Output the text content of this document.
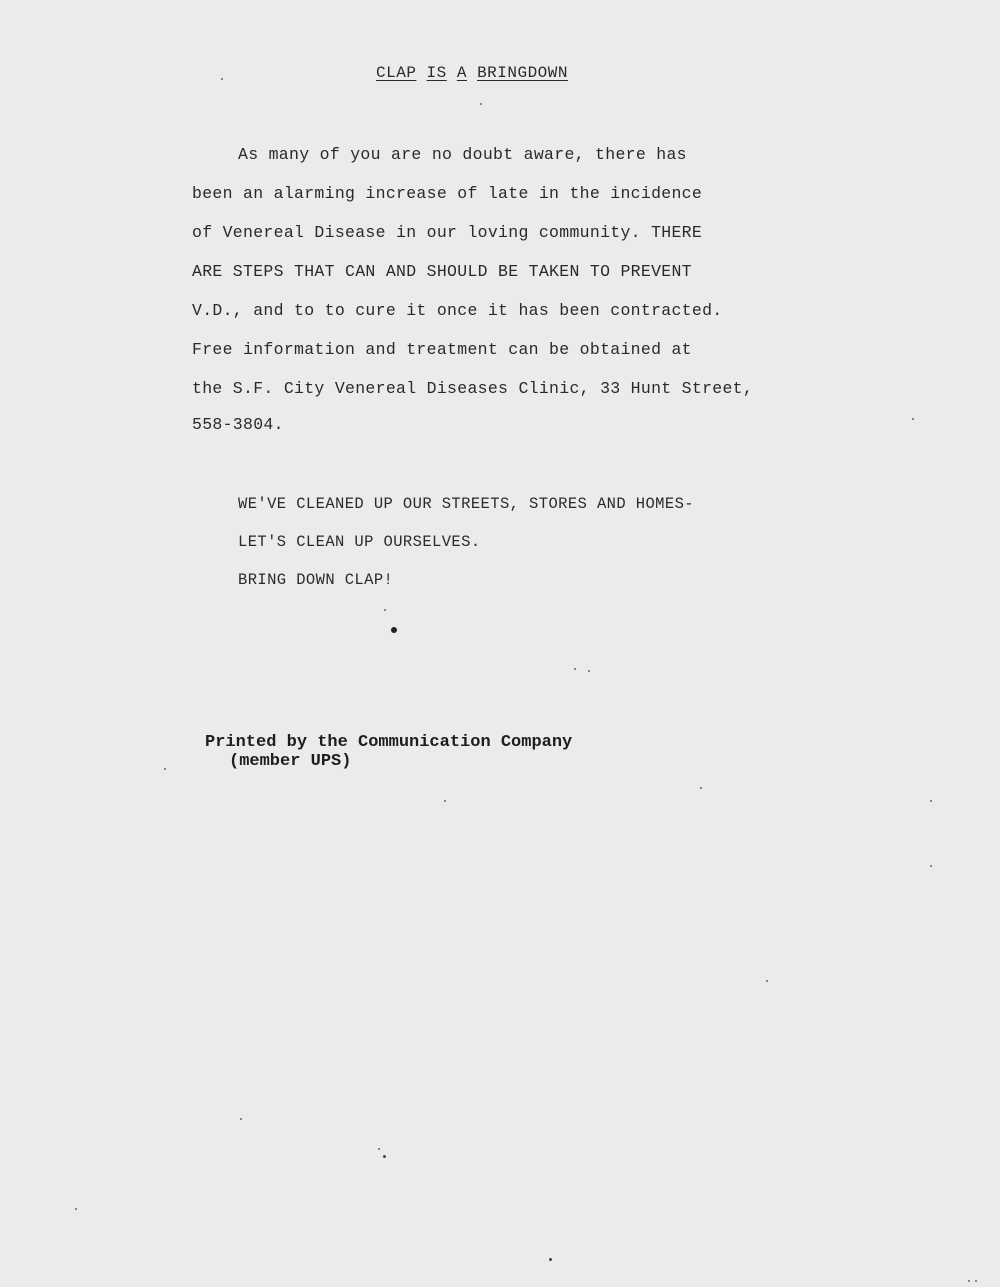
CLAP IS A BRINGDOWN
As many of you are no doubt aware, there has
been an alarming increase of late in the incidence
of Venereal Disease in our loving community. THERE
ARE STEPS THAT CAN AND SHOULD BE TAKEN TO PREVENT
V.D., and to to cure it once it has been contracted.
Free information and treatment can be obtained at
the S.F. City Venereal Diseases Clinic, 33 Hunt Street,
558-3804.
WE'VE CLEANED UP OUR STREETS, STORES AND HOMES-
LET'S CLEAN UP OURSELVES.
BRING DOWN CLAP!
Printed by the Communication Company
(member UPS)
